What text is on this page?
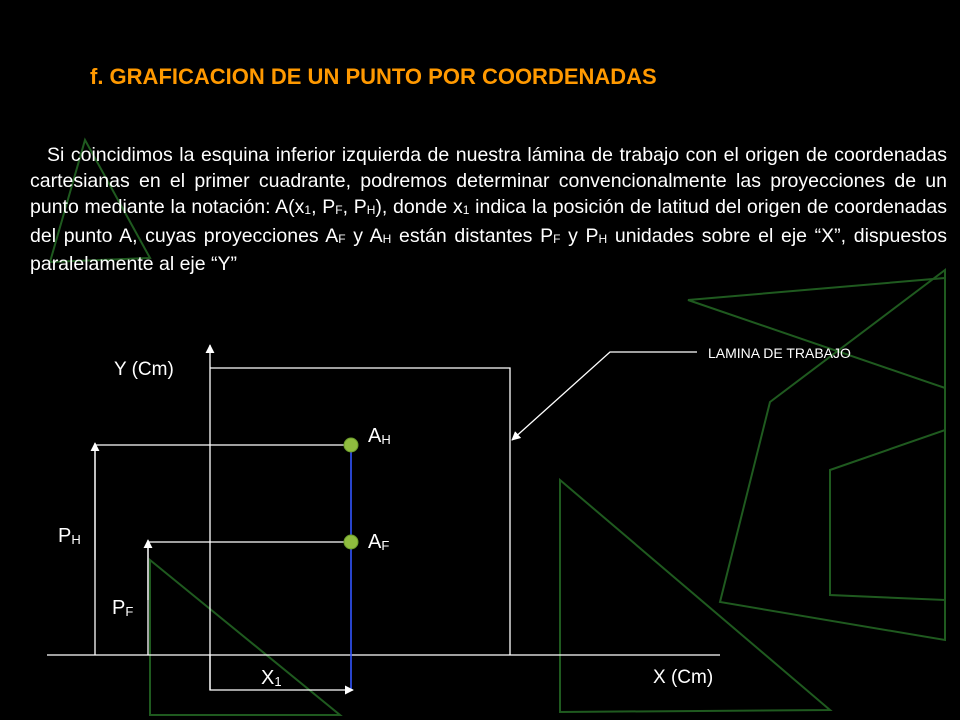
f. GRAFICACION DE UN PUNTO POR COORDENADAS
Si coincidimos la esquina inferior izquierda de nuestra lámina de trabajo con el origen de coordenadas cartesianas en el primer cuadrante, podremos determinar convencionalmente las proyecciones de un punto mediante la notación: $A(x_1$, $P_F$, $P_H$), donde $x_1$ indica la posición de latitud del origen de coordenadas del punto A, cuyas proyecciones $A_F$ y $A_H$ están distantes $P_F$ y $P_H$ unidades sobre el eje “X”, dispuestos paralelamente al eje “Y”
Y (Cm)
X (Cm)
LAMINA DE TRABAJO
AH
AF
PH
PF
X1
